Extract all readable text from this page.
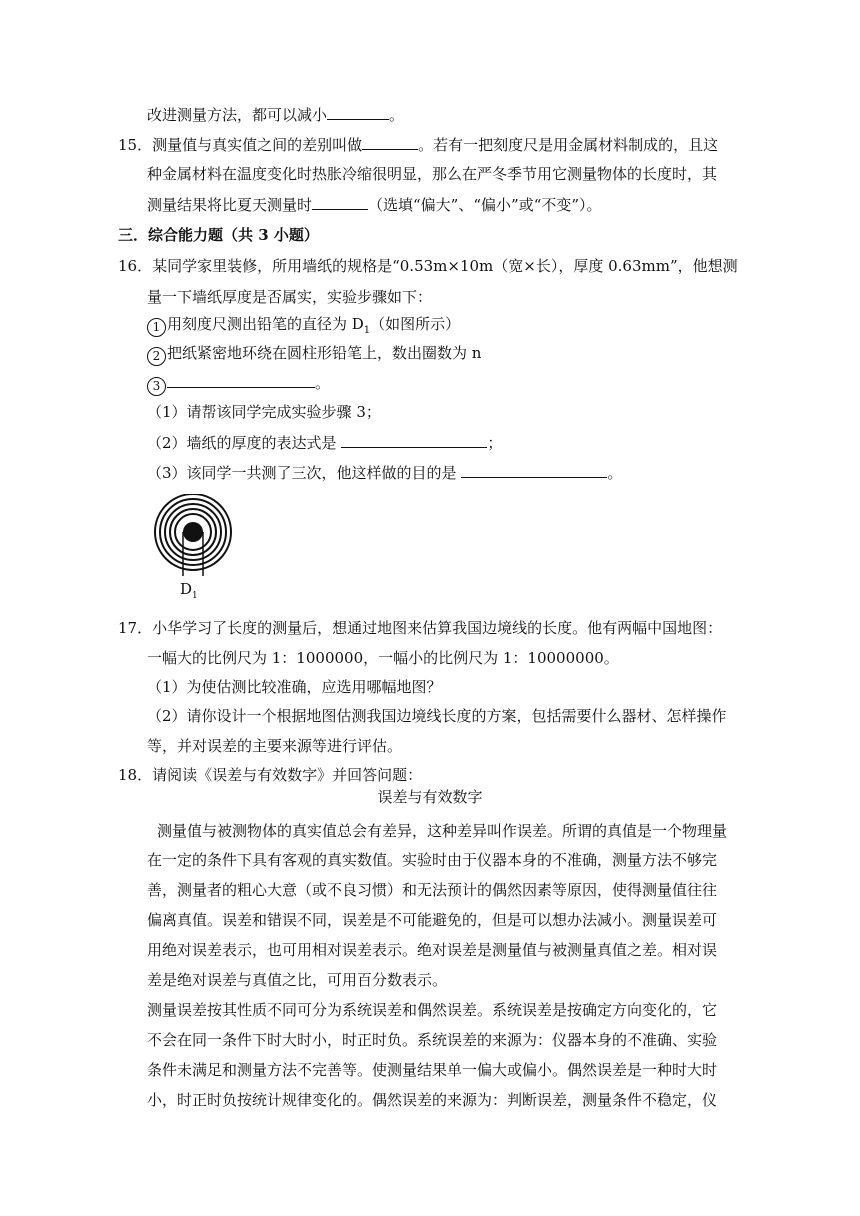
改进测量方法，都可以减小	。
15．测量值与真实值之间的差别叫做	。若有一把刻度尺是用金属材料制成的，且这
种金属材料在温度变化时热胀冷缩很明显，那么在严冬季节用它测量物体的长度时，其
测量结果将比夏天测量时	（选填“偏大”、“偏小”或“不变”）。
三．综合能力题（共 3 小题）
16．某同学家里装修，所用墙纸的规格是“0.53m×10m（宽×长），厚度 0.63mm”，他想测
量一下墙纸厚度是否属实，实验步骤如下：
1 用刻度尺测出铅笔的直径为 $D_1$（如图所示）
2 把纸紧密地环绕在圆柱形铅笔上，数出圈数为 n
3	。
（1）请帮该同学完成实验步骤 3；
（2）墙纸的厚度的表达式是	；
（3）该同学一共测了三次，他这样做的目的是	。
$D_1$
17．小华学习了长度的测量后，想通过地图来估算我国边境线的长度。他有两幅中国地图：
一幅大的比例尺为 1：1000000，一幅小的比例尺为 1：10000000。
（1）为使估测比较准确，应选用哪幅地图？
（2）请你设计一个根据地图估测我国边境线长度的方案，包括需要什么器材、怎样操作
等，并对误差的主要来源等进行评估。
18．请阅读《误差与有效数字》并回答问题：
误差与有效数字
测量值与被测物体的真实值总会有差异，这种差异叫作误差。所谓的真值是一个物理量
在一定的条件下具有客观的真实数值。实验时由于仪器本身的不准确，测量方法不够完
善，测量者的粗心大意（或不良习惯）和无法预计的偶然因素等原因，使得测量值往往
偏离真值。误差和错误不同，误差是不可能避免的，但是可以想办法减小。测量误差可
用绝对误差表示，也可用相对误差表示。绝对误差是测量值与被测量真值之差。相对误
差是绝对误差与真值之比，可用百分数表示。
测量误差按其性质不同可分为系统误差和偶然误差。系统误差是按确定方向变化的，它
不会在同一条件下时大时小，时正时负。系统误差的来源为：仪器本身的不准确、实验
条件未满足和测量方法不完善等。使测量结果单一偏大或偏小。偶然误差是一种时大时
小，时正时负按统计规律变化的。偶然误差的来源为：判断误差，测量条件不稳定，仪
